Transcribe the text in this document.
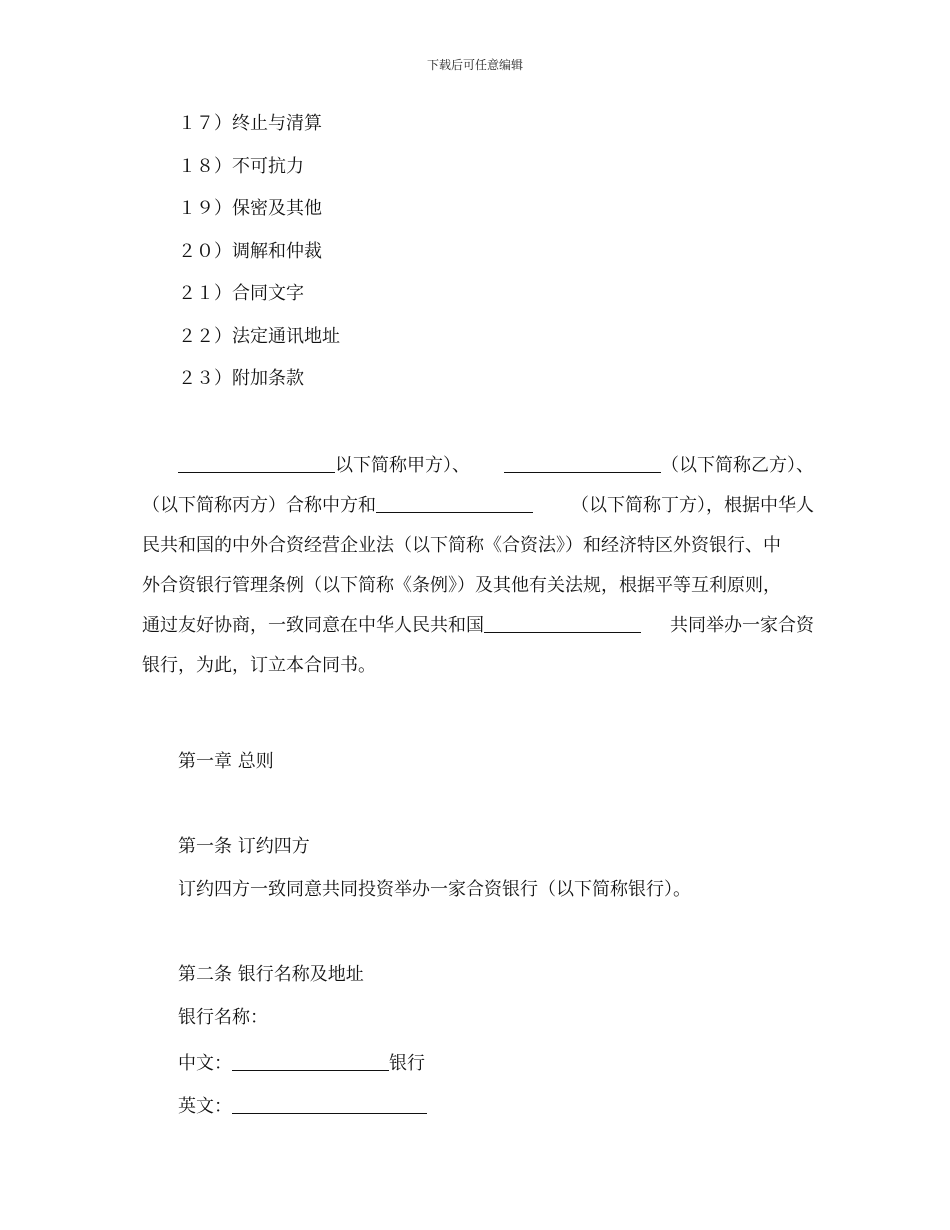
下载后可任意编辑
１７）终止与清算
１８）不可抗力
１９）保密及其他
２０）调解和仲裁
２１）合同文字
２２）法定通讯地址
２３）附加条款
以下简称甲方）、	（以下简称乙方）、
（以下简称丙方）合称中方和	（以下简称丁方），根据中华人
民共和国的中外合资经营企业法（以下简称《合资法》）和经济特区外资银行、中
外合资银行管理条例（以下简称《条例》）及其他有关法规，根据平等互利原则，
通过友好协商，一致同意在中华人民共和国	共同举办一家合资
银行，为此，订立本合同书。
第一章 总则
第一条 订约四方
订约四方一致同意共同投资举办一家合资银行（以下简称银行）。
第二条 银行名称及地址
银行名称：
中文：	银行
英文：
